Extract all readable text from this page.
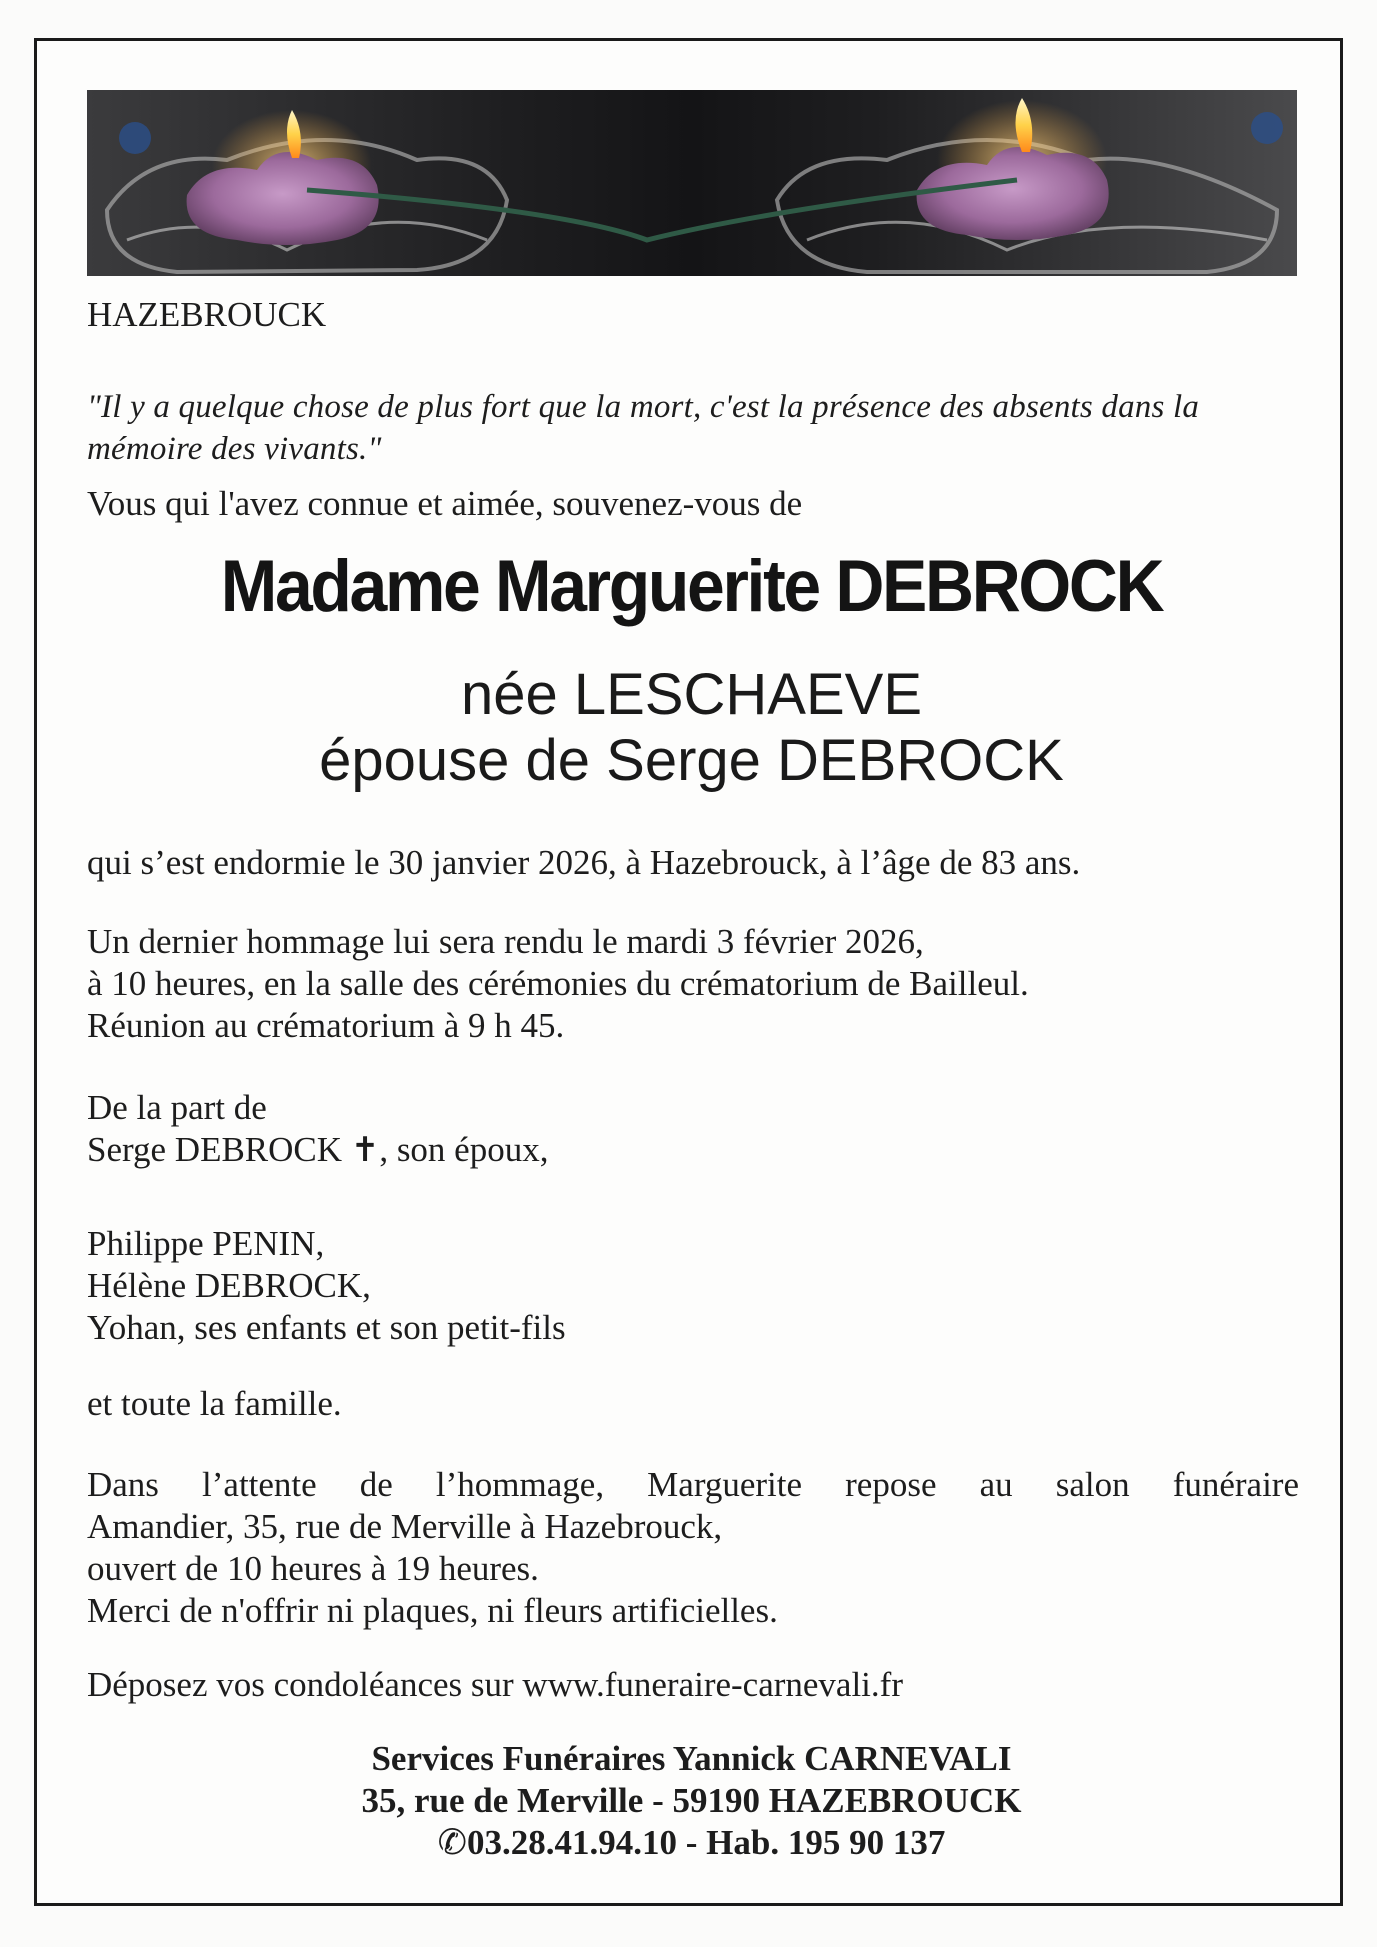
HAZEBROUCK
"Il y a quelque chose de plus fort que la mort, c'est la présence des absents dans la
mémoire des vivants."
Vous qui l'avez connue et aimée, souvenez-vous de
Madame Marguerite DEBROCK
née LESCHAEVE
épouse de Serge DEBROCK
qui s’est endormie le 30 janvier 2026, à Hazebrouck, à l’âge de 83 ans.
Un dernier hommage lui sera rendu le mardi 3 février 2026,
à 10 heures, en la salle des cérémonies du crématorium de Bailleul.
Réunion au crématorium à 9 h 45.
De la part de
Serge DEBROCK ✝, son époux,
Philippe PENIN,
Hélène DEBROCK,
Yohan, ses enfants et son petit-fils
et toute la famille.
Dans l’attente de l’hommage, Marguerite repose au salon funéraire
Amandier, 35, rue de Merville à Hazebrouck,
ouvert de 10 heures à 19 heures.
Merci de n'offrir ni plaques, ni fleurs artificielles.
Déposez vos condoléances sur www.funeraire-carnevali.fr
Services Funéraires Yannick CARNEVALI
35, rue de Merville - 59190 HAZEBROUCK
✆03.28.41.94.10 - Hab. 195 90 137
